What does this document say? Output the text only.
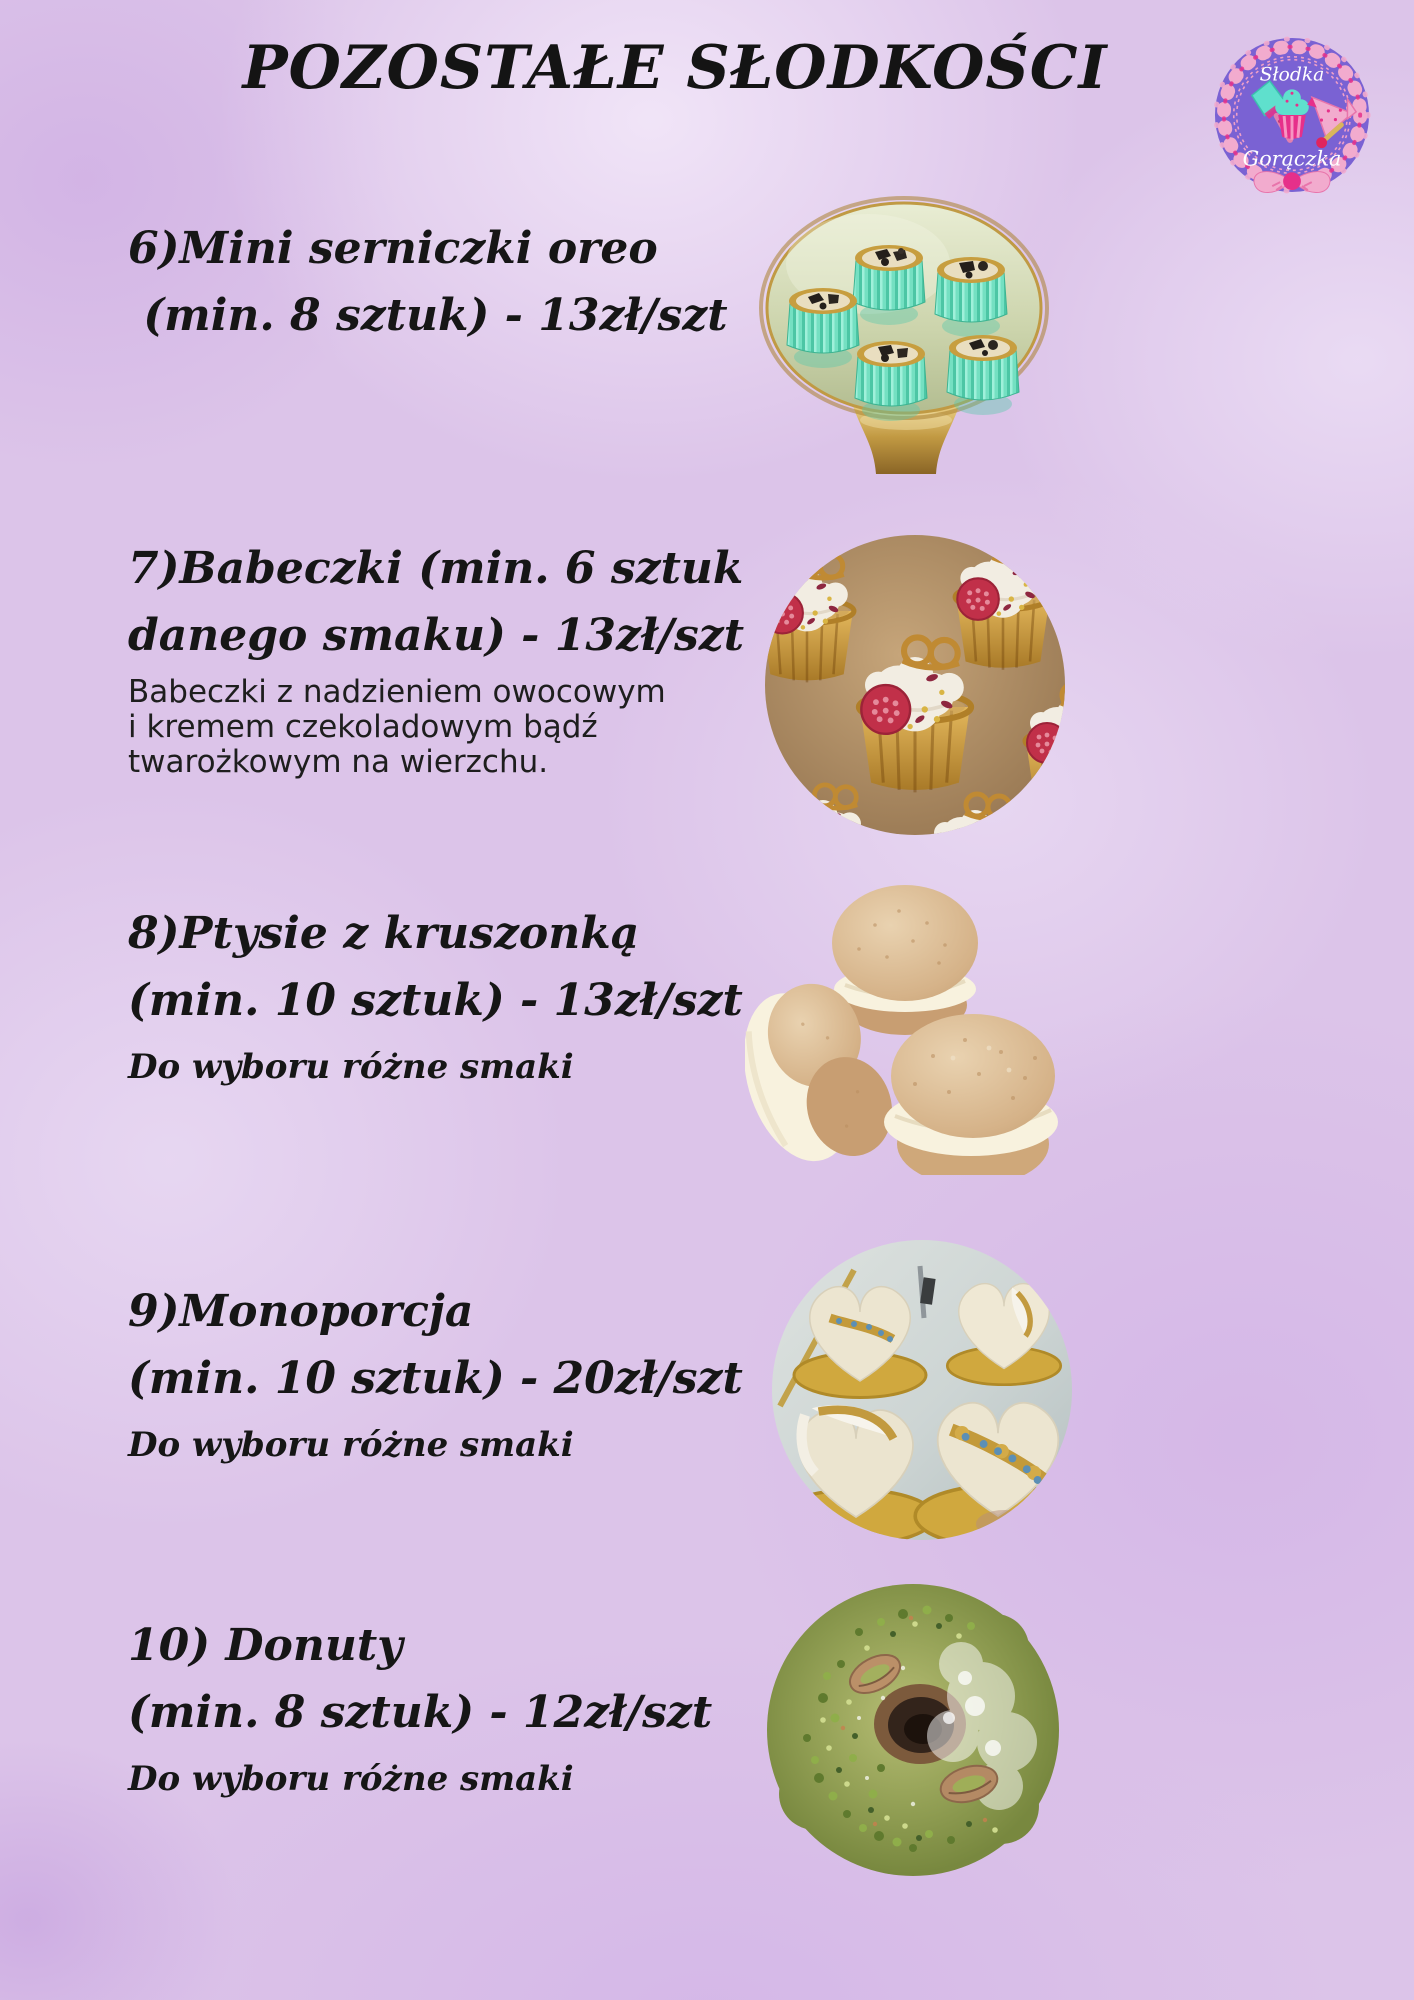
POZOSTAŁE SŁODKOŚCI	Słodka
Gorączka
6)Mini serniczki oreo
(min. 8 sztuk) - 13zł/szt
7)Babeczki (min. 6 sztuk
danego smaku) - 13zł/szt
Babeczki z nadzieniem owocowym
i kremem czekoladowym bądź
twarożkowym na wierzchu.
8)Ptysie z kruszonką
(min. 10 sztuk) - 13zł/szt
Do wyboru różne smaki
9)Monoporcja
(min. 10 sztuk) - 20zł/szt
Do wyboru różne smaki
10) Donuty
(min. 8 sztuk) - 12zł/szt
Do wyboru różne smaki
